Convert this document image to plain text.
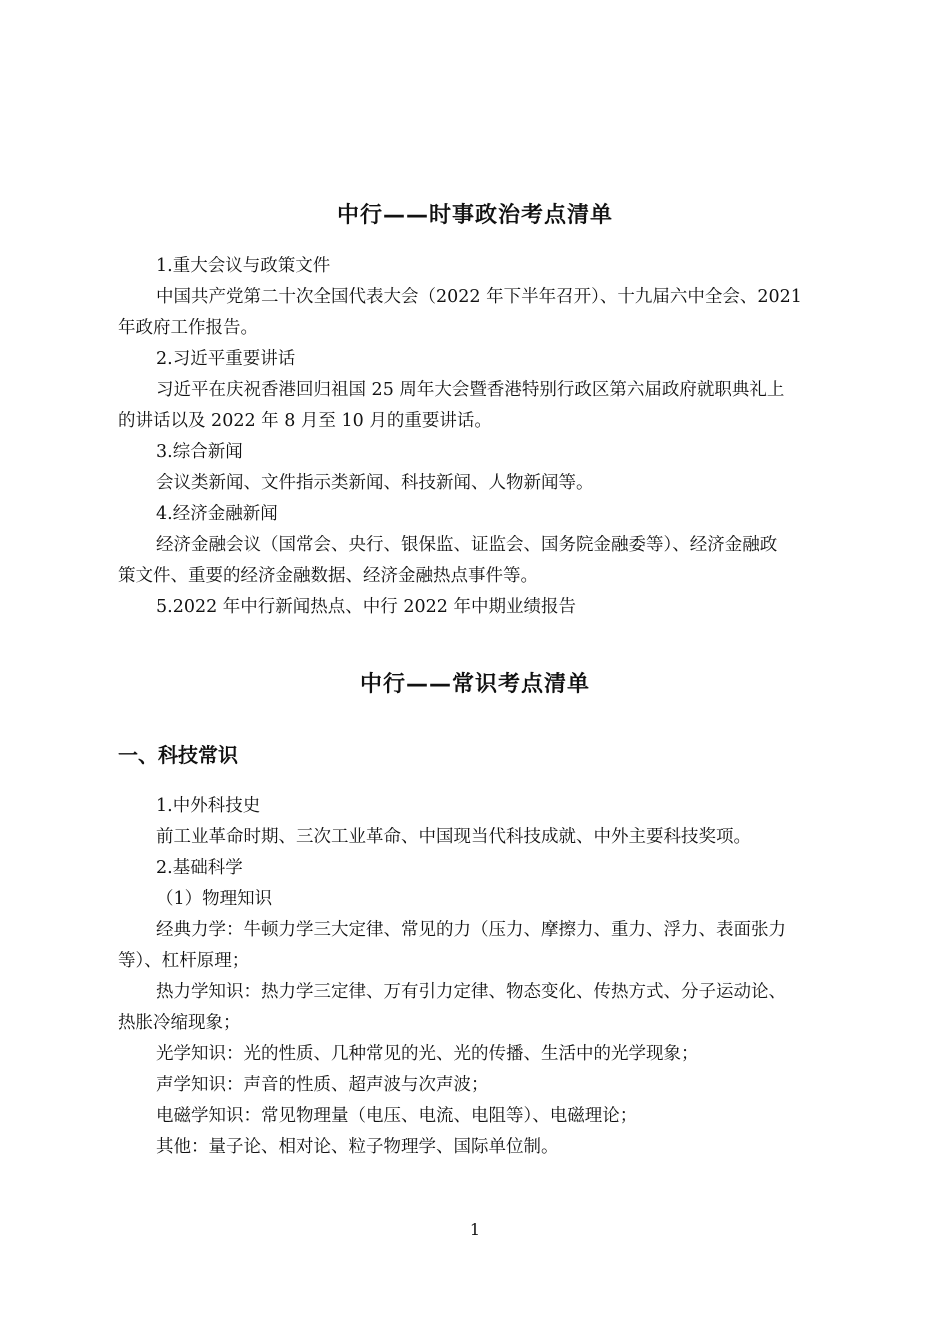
中行——时事政治考点清单
1.重大会议与政策文件
中国共产党第二十次全国代表大会（2022 年下半年召开）、十九届六中全会、2021
年政府工作报告。
2.习近平重要讲话
习近平在庆祝香港回归祖国 25 周年大会暨香港特别行政区第六届政府就职典礼上
的讲话以及 2022 年 8 月至 10 月的重要讲话。
3.综合新闻
会议类新闻、文件指示类新闻、科技新闻、人物新闻等。
4.经济金融新闻
经济金融会议（国常会、央行、银保监、证监会、国务院金融委等）、经济金融政
策文件、重要的经济金融数据、经济金融热点事件等。
5.2022 年中行新闻热点、中行 2022 年中期业绩报告
中行——常识考点清单
一、科技常识
1.中外科技史
前工业革命时期、三次工业革命、中国现当代科技成就、中外主要科技奖项。
2.基础科学
（1）物理知识
经典力学：牛顿力学三大定律、常见的力（压力、摩擦力、重力、浮力、表面张力
等）、杠杆原理；
热力学知识：热力学三定律、万有引力定律、物态变化、传热方式、分子运动论、
热胀冷缩现象；
光学知识：光的性质、几种常见的光、光的传播、生活中的光学现象；
声学知识：声音的性质、超声波与次声波；
电磁学知识：常见物理量（电压、电流、电阻等）、电磁理论；
其他：量子论、相对论、粒子物理学、国际单位制。
1
